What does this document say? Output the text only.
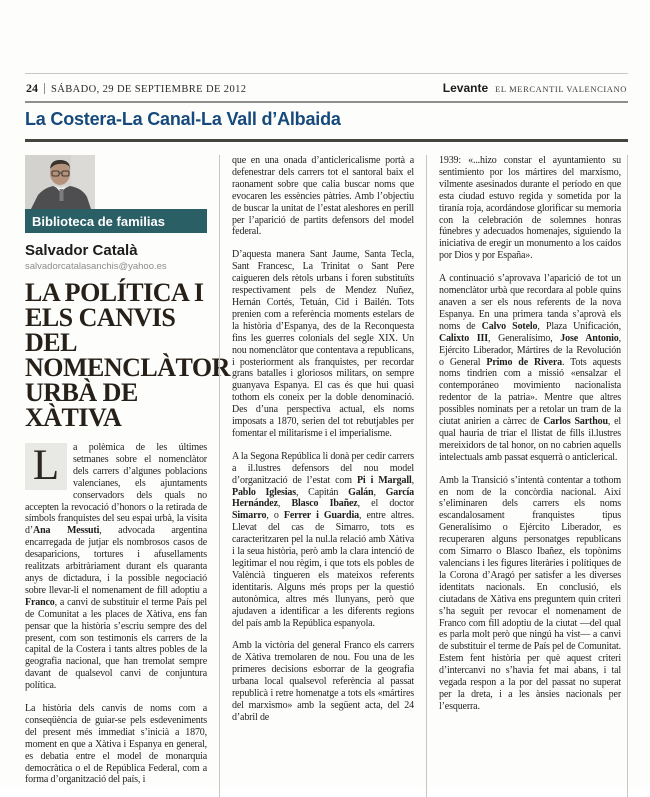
24 SÁBADO, 29 DE SEPTIEMBRE DE 2012	Levante EL MERCANTIL VALENCIANO
La Costera-La Canal-La Vall d’Albaida
Biblioteca de familias
Salvador Català
salvadorcatalasanchis@yahoo.es
LA POLÍTICA I
ELS CANVIS DEL
NOMENCLÀTOR
URBÀ DE XÀTIVA

L	a polèmica de les últimes setmanes sobre el nomenclàtor dels carrers d’algunes poblacions valencianes, els ajuntaments conservadors dels quals no accepten la revocació d’honors o la retirada de símbols franquistes del seu espai urbà, la visita d’Ana Messuti, advocada argentina encarregada de jutjar els nombrosos casos de desaparicions, tortures i afusellaments realitzats arbitràriament durant els quaranta anys de dictadura, i la possible negociació sobre llevar-li el nomenament de fill adoptiu a Franco, a canvi de substituir el terme País pel de Comunitat a les places de Xàtiva, ens fan pensar que la història s’escriu sempre des del present, com son testimonis els carrers de la capital de la Costera i tants altres pobles de la geografia nacional, que han tremolat sempre davant de qualsevol canvi de conjuntura política.

La història dels canvis de noms com a conseqüència de guiar-se pels esdeveniments del present més immediat s’inicià a 1870, moment en que a Xàtiva i Espanya en general, es debatia entre el model de monarquia democràtica o el de República Federal, com a forma d’organització del país, i

que en una onada d’anticlericalisme portà a defenestrar dels carrers tot el santoral baix el raonament sobre que calia buscar noms que evocaren les essències pàtries. Amb l’objectiu de buscar la unitat de l’estat aleshores en perill per l’aparició de partits defensors del model federal.

D’aquesta manera Sant Jaume, Santa Tecla, Sant Francesc, La Trinitat o Sant Pere caigueren dels rètols urbans i foren substituïts respectivament pels de Mendez Nuñez, Hernán Cortés, Tetuán, Cid i Bailén. Tots prenien com a referència moments estelars de la història d’Espanya, des de la Reconquesta fins les guerres colonials del segle XIX. Un nou nomenclàtor que contentava a republicans, i posteriorment als franquistes, per recordar grans batalles i gloriosos militars, on sempre guanyava Espanya. El cas és que hui quasi tothom els coneix per la doble denominació. Des d’una perspectiva actual, els noms imposats a 1870, serien del tot rebutjables per fomentar el militarisme i el imperialisme.

A la Segona República li donà per cedir carrers a il.lustres defensors del nou model d’organització de l’estat com Pi i Margall, Pablo Iglesias, Capitán Galán, García Hernández, Blasco Ibañez, el doctor Simarro, o Ferrer i Guardia, entre altres. Llevat del cas de Simarro, tots es caracteritzaren pel la nul.la relació amb Xàtiva i la seua història, però amb la clara intenció de legitimar el nou règim, i que tots els pobles de Valèncià tingueren els mateixos referents identitaris. Alguns més props per la questió autonòmica, altres més llunyans, però que ajudaven a identificar a les diferents regions del país amb la República espanyola.

Amb la victòria del general Franco els carrers de Xàtiva tremolaren de nou. Fou una de les primeres decisions esborrar de la geografia urbana local qualsevol referència al passat republicà i retre homenatge a tots els «mártires del marxismo» amb la següent acta, del 24 d’abril de

1939: «...hizo constar el ayuntamiento su sentimiento por los mártires del marxismo, vilmente asesinados durante el período en que esta ciudad estuvo regida y sometida por la tiranía roja, acordándose glorificar su memoria con la celebración de solemnes honras fúnebres y adecuados homenajes, siguiendo la iniciativa de eregir un monumento a los caídos por Dios y por España».

A continuació s’aprovava l’aparició de tot un nomenclàtor urbà que recordara al poble quins anaven a ser els nous referents de la nova Espanya. En una primera tanda s’aprovà els noms de Calvo Sotelo, Plaza Unificación, Calixto III, Generalísimo, Jose Antonio, Ejército Liberador, Mártires de la Revolución o General Primo de Rivera. Tots aquests noms tindrien com a missió «ensalzar el contemporáneo movimiento nacionalista redentor de la patria». Mentre que altres possibles nominats per a retolar un tram de la ciutat anirien a càrrec de Carlos Sarthou, el qual hauria de triar el llistat de fills il.lustres mereixidors de tal honor, on no cabrien aquells intelectuals amb passat esquerrà o anticlerical.

Amb la Transició s’intentà contentar a tothom en nom de la concòrdia nacional. Així s’eliminaren dels carrers els noms escandalosament franquistes tipus Generalísimo o Ejército Liberador, es recuperaren alguns personatges republicans com Simarro o Blasco Ibañez, els topònims valencians i les figures literàries i polítiques de la Corona d’Aragó per satisfer a les diverses identitats nacionals. En conclusió, els ciutadans de Xàtiva ens preguntem quin criteri s’ha seguit per revocar el nomenament de Franco com fill adoptiu de la ciutat —del qual es parla molt però que ningú ha vist— a canvi de substituir el terme de País pel de Comunitat. Estem fent història per què aquest criteri d’intercanvi no s’havia fet mai abans, i tal vegada respon a la por del passat no superat per la dreta, i a les ànsies nacionals per l’esquerra.
